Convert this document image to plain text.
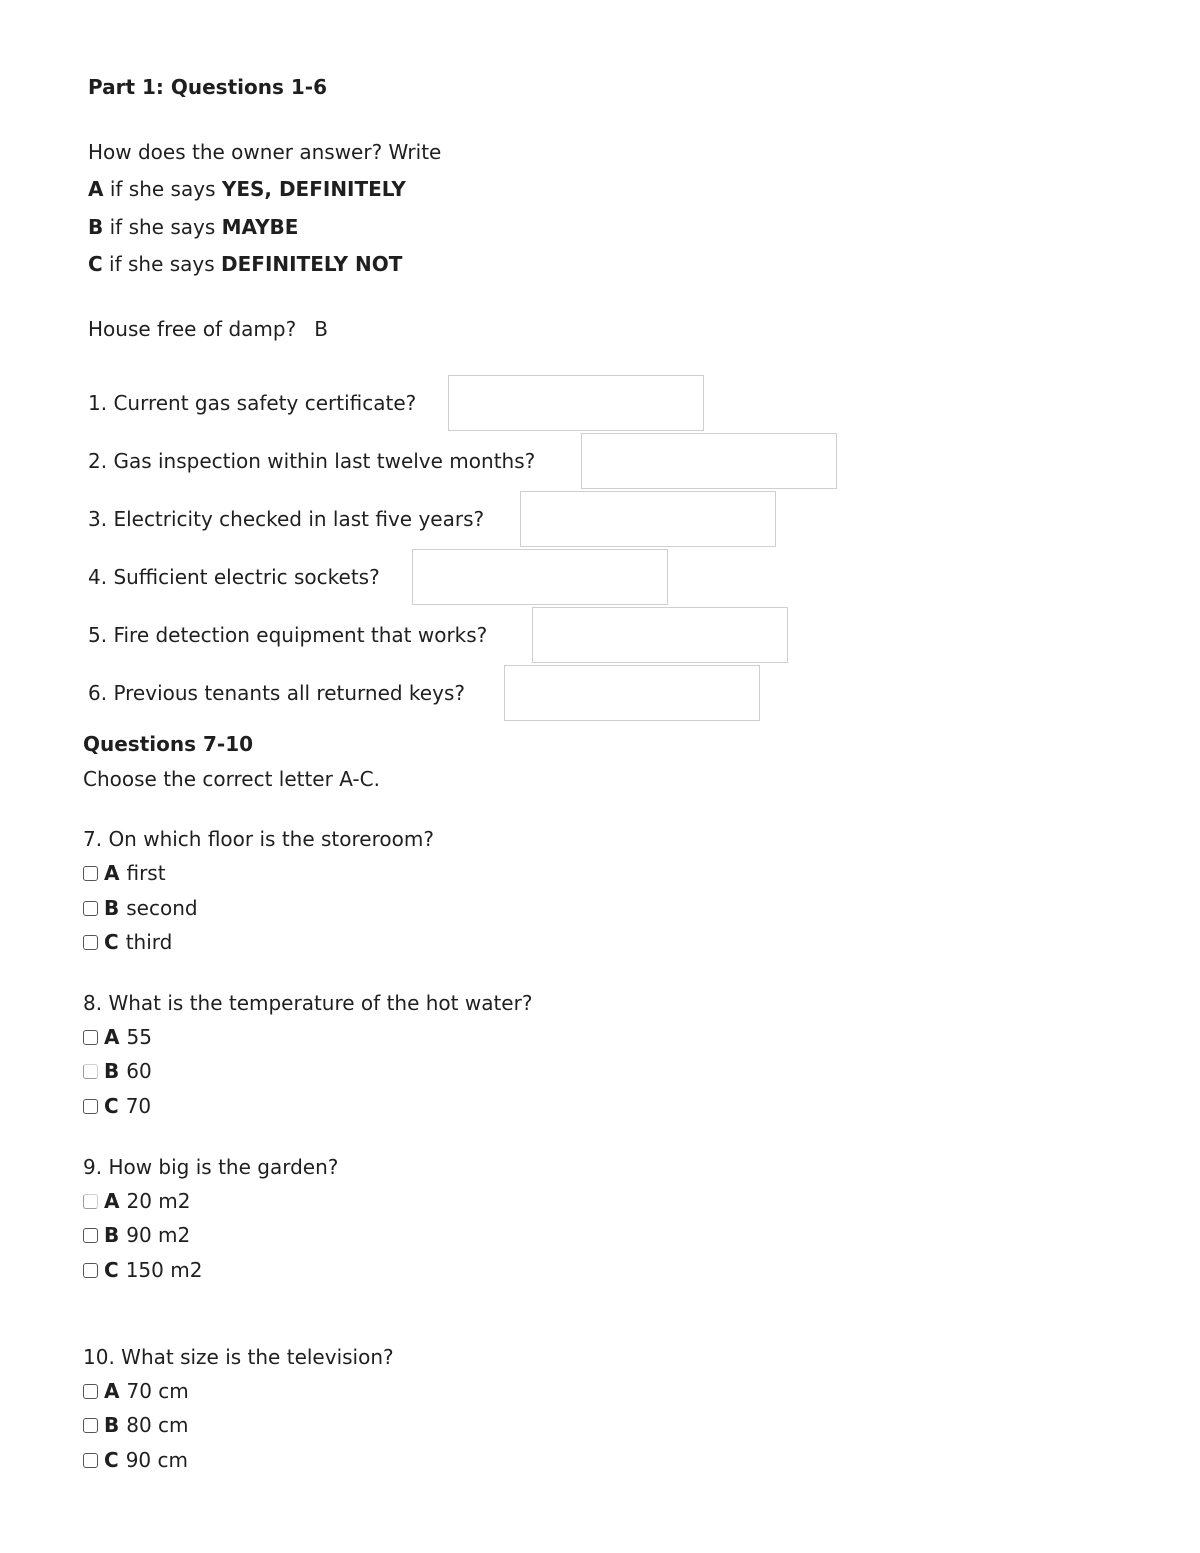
Part 1: Questions 1-6
How does the owner answer? Write
A if she says YES, DEFINITELY
B if she says MAYBE
C if she says DEFINITELY NOT
House free of damp? B
1. Current gas safety certificate?
2. Gas inspection within last twelve months?
3. Electricity checked in last five years?
4. Sufficient electric sockets?
5. Fire detection equipment that works?
6. Previous tenants all returned keys?
Questions 7-10
Choose the correct letter A-C.
7. On which floor is the storeroom?
A first
B second
C third
8. What is the temperature of the hot water?
A 55
B 60
C 70
9. How big is the garden?
A 20 m2
B 90 m2
C 150 m2
10. What size is the television?
A 70 cm
B 80 cm
C 90 cm
